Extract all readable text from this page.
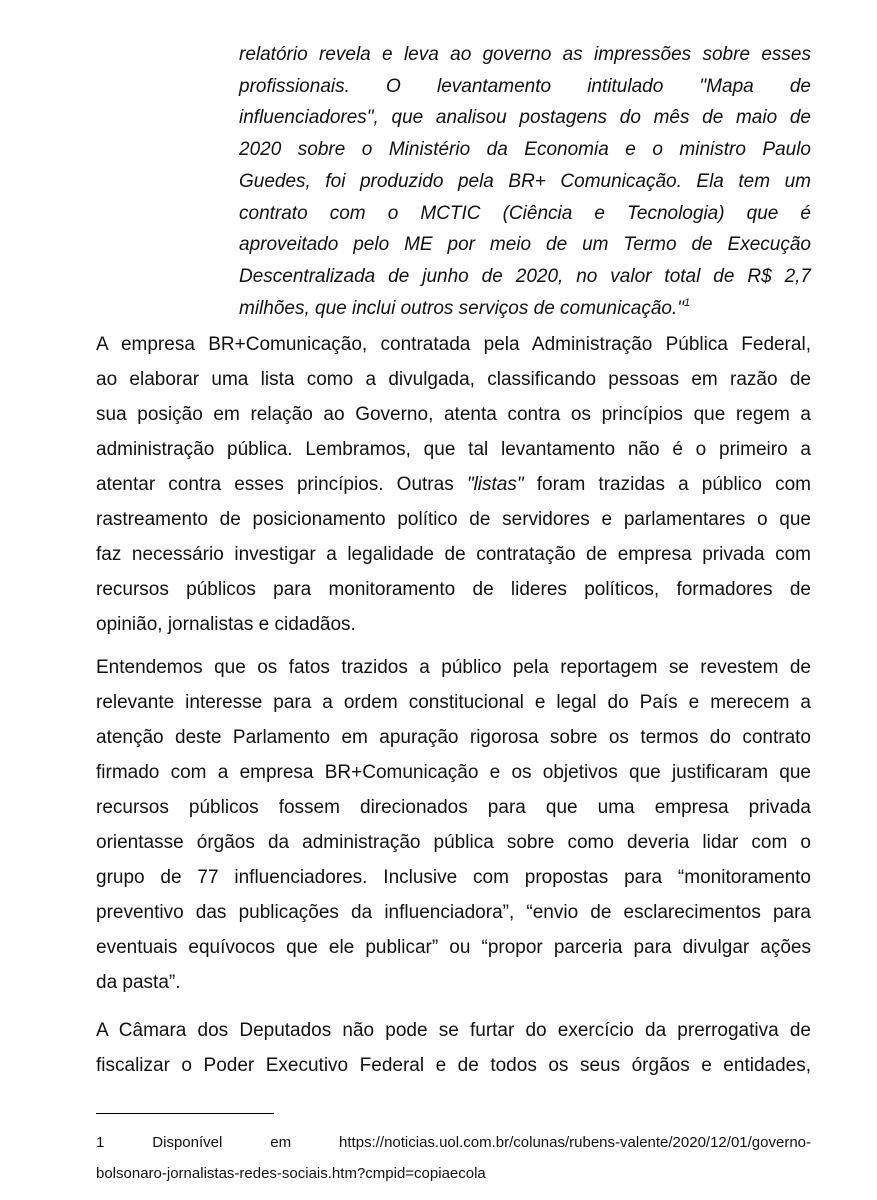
relatório revela e leva ao governo as impressões sobre esses
profissionais. O levantamento intitulado "Mapa de
influenciadores", que analisou postagens do mês de maio de
2020 sobre o Ministério da Economia e o ministro Paulo
Guedes, foi produzido pela BR+ Comunicação. Ela tem um
contrato com o MCTIC (Ciência e Tecnologia) que é
aproveitado pelo ME por meio de um Termo de Execução
Descentralizada de junho de 2020, no valor total de R$ 2,7
milhões, que inclui outros serviços de comunicação."$^1$
A empresa BR+Comunicação, contratada pela Administração Pública Federal,
ao elaborar uma lista como a divulgada, classificando pessoas em razão de
sua posição em relação ao Governo, atenta contra os princípios que regem a
administração pública. Lembramos, que tal levantamento não é o primeiro a
atentar contra esses princípios. Outras "listas" foram trazidas a público com
rastreamento de posicionamento político de servidores e parlamentares o que
faz necessário investigar a legalidade de contratação de empresa privada com
recursos públicos para monitoramento de lideres políticos, formadores de
opinião, jornalistas e cidadãos.
Entendemos que os fatos trazidos a público pela reportagem se revestem de
relevante interesse para a ordem constitucional e legal do País e merecem a
atenção deste Parlamento em apuração rigorosa sobre os termos do contrato
firmado com a empresa BR+Comunicação e os objetivos que justificaram que
recursos públicos fossem direcionados para que uma empresa privada
orientasse órgãos da administração pública sobre como deveria lidar com o
grupo de 77 influenciadores. Inclusive com propostas para “monitoramento
preventivo das publicações da influenciadora”, “envio de esclarecimentos para
eventuais equívocos que ele publicar” ou “propor parceria para divulgar ações
da pasta”.
A Câmara dos Deputados não pode se furtar do exercício da prerrogativa de
fiscalizar o Poder Executivo Federal e de todos os seus órgãos e entidades,
1 Disponível em https://noticias.uol.com.br/colunas/rubens-valente/2020/12/01/governo-
bolsonaro-jornalistas-redes-sociais.htm?cmpid=copiaecola
